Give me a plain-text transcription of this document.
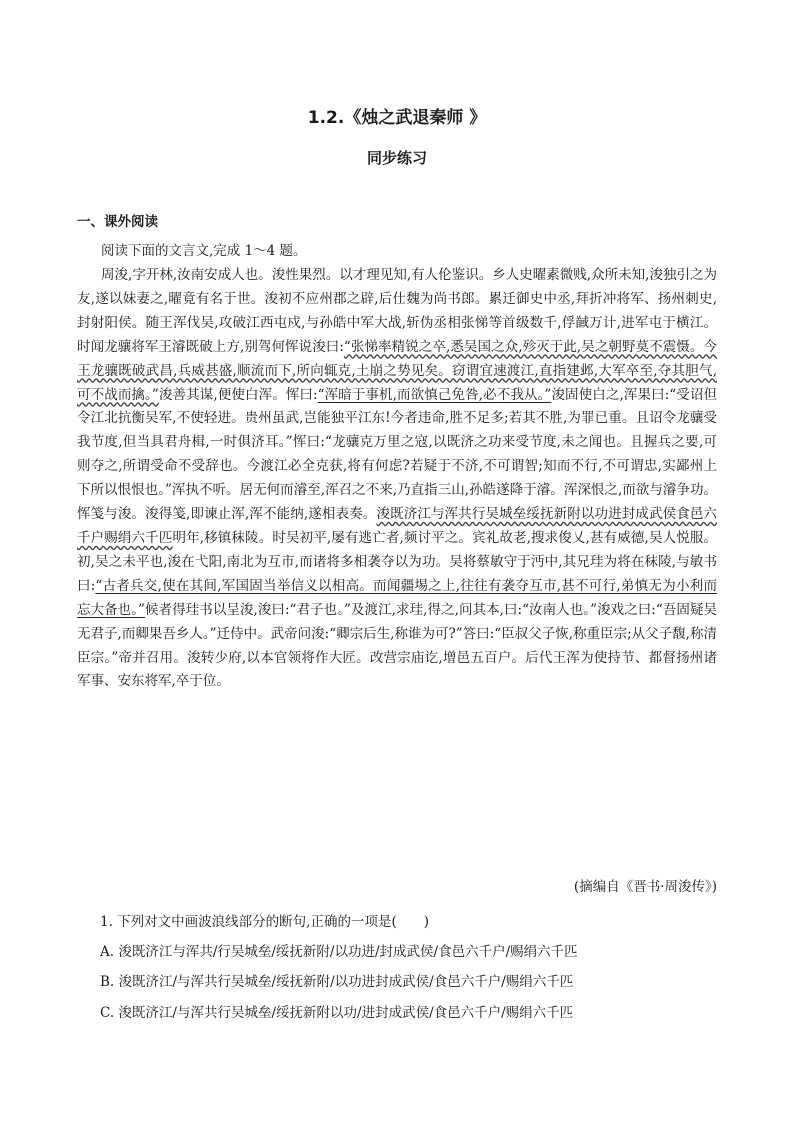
1.2.《烛之武退秦师 》
同步练习
一、课外阅读
阅读下面的文言文,完成 1～4 题。

周浚,字开林,汝南安成人也。浚性果烈。以才理见知,有人伦鉴识。乡人史曜素微贱,众所未知,浚独引之为友,遂以妹妻之,曜竟有名于世。浚初不应州郡之辟,后仕魏为尚书郎。累迁御史中丞,拜折冲将军、扬州刺史,封射阳侯。随王浑伐吴,攻破江西屯戍,与孙皓中军大战,斩伪丞相张悌等首级数千,俘馘万计,进军屯于横江。时闻龙骧将军王濬既破上方,别驾何恽说浚曰:“张悌率精锐之卒,悉吴国之众,殄灭于此,吴之朝野莫不震慑。今王龙骧既破武昌,兵威甚盛,顺流而下,所向辄克,土崩之势见矣。窃谓宜速渡江,直指建邺,大军卒至,夺其胆气,可不战而擒。”浚善其谋,便使白浑。恽曰:“浑暗于事机,而欲慎己免咎,必不我从。”浚固使白之,浑果曰:“受诏但令江北抗衡吴军,不使轻进。贵州虽武,岂能独平江东!今者违命,胜不足多;若其不胜,为罪已重。且诏令龙骧受我节度,但当具君舟楫,一时俱济耳。”恽曰:“龙骧克万里之寇,以既济之功来受节度,未之闻也。且握兵之要,可则夺之,所谓受命不受辞也。今渡江必全克获,将有何虑?若疑于不济,不可谓智;知而不行,不可谓忠,实鄙州上下所以恨恨也。”浑执不听。居无何而濬至,浑召之不来,乃直指三山,孙皓遂降于濬。浑深恨之,而欲与濬争功。恽笺与浚。浚得笺,即谏止浑,浑不能纳,遂相表奏。浚既济江与浑共行吴城垒绥抚新附以功进封成武侯食邑六千户赐绢六千匹明年,移镇秣陵。时吴初平,屡有逃亡者,频讨平之。宾礼故老,搜求俊乂,甚有威德,吴人悦服。初,吴之未平也,浚在弋阳,南北为互市,而诸将多相袭夺以为功。吴将蔡敏守于沔中,其兄珪为将在秣陵,与敏书曰:“古者兵交,使在其间,军国固当举信义以相高。而闻疆埸之上,往往有袭夺互市,甚不可行,弟慎无为小利而忘大备也。”候者得珪书以呈浚,浚曰:“君子也。”及渡江,求珪,得之,问其本,曰:“汝南人也。”浚戏之曰:“吾固疑吴无君子,而卿果吾乡人。”迁侍中。武帝问浚:“卿宗后生,称谁为可?”答曰:“臣叔父子恢,称重臣宗;从父子馥,称清臣宗。”帝并召用。浚转少府,以本官领将作大匠。改营宗庙讫,增邑五百户。后代王浑为使持节、都督扬州诸军事、安东将军,卒于位。

(摘编自《晋书·周浚传》)
1. 下列对文中画波浪线部分的断句,正确的一项是(　　)
A. 浚既济江与浑共/行吴城垒/绥抚新附/以功进/封成武侯/食邑六千户/赐绢六千匹
B. 浚既济江/与浑共行吴城垒/绥抚新附/以功进封成武侯/食邑六千户/赐绢六千匹
C. 浚既济江/与浑共行吴城垒/绥抚新附以功/进封成武侯/食邑六千户/赐绢六千匹
